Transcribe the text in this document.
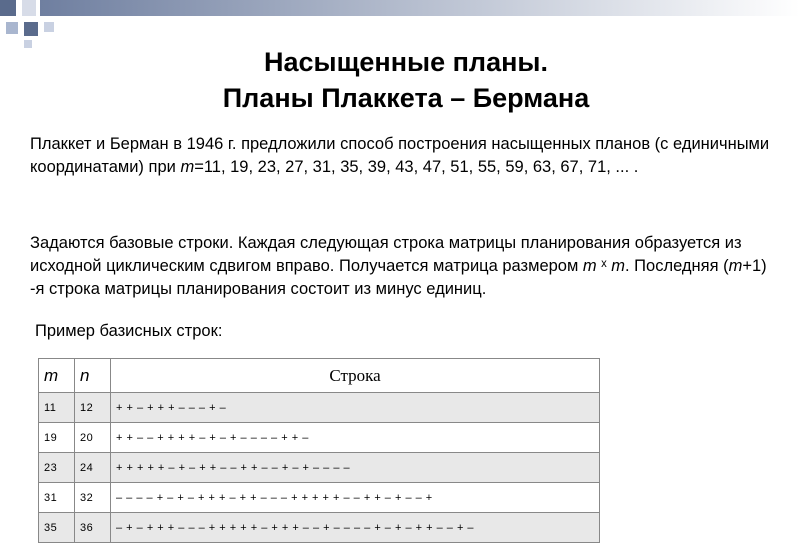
Насыщенные планы.
Планы Плаккета – Бермана

Плаккет и Берман в 1946 г. предложили способ построения насыщенных планов (с единичными координатами) при m=11, 19, 23, 27, 31, 35, 39, 43, 47, 51, 55, 59, 63, 67, 71, ... .

Задаются базовые строки. Каждая следующая строка матрицы планирования образуется из исходной циклическим сдвигом вправо. Получается матрица размером m ˣ m. Последняя (m+1) -я строка матрицы планирования состоит из минус единиц.

Пример базисных строк:

m	n	Строка
11	12	+ + – + + + – – – + –
19	20	+ + – – + + + + – + – + – – – – + + –
23	24	+ + + + + – + – + + – – + + – – + – + – – – –
31	32	– – – – + – + – + + + – + + – – – + + + + + – – + + – + – – +
35	36	– + – + + + – – – + + + + + – + + + – – + – – – – + – + – + + – – + –
